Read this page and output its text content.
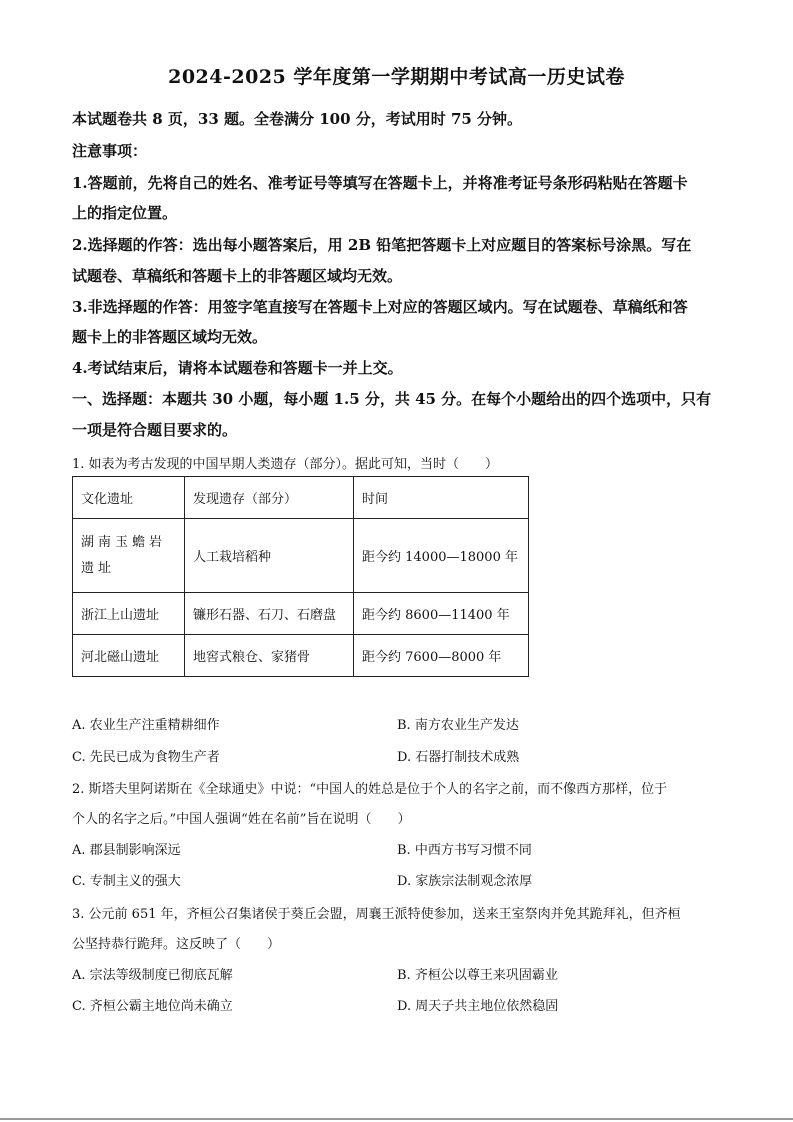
2024-2025 学年度第一学期期中考试高一历史试卷
本试题卷共 8 页，33 题。全卷满分 100 分，考试用时 75 分钟。
注意事项：
1.答题前，先将自己的姓名、准考证号等填写在答题卡上，并将准考证号条形码粘贴在答题卡
上的指定位置。
2.选择题的作答：选出每小题答案后，用 2B 铅笔把答题卡上对应题目的答案标号涂黑。写在
试题卷、草稿纸和答题卡上的非答题区域均无效。
3.非选择题的作答：用签字笔直接写在答题卡上对应的答题区域内。写在试题卷、草稿纸和答
题卡上的非答题区域均无效。
4.考试结束后，请将本试题卷和答题卡一并上交。
一、选择题：本题共 30 小题，每小题 1.5 分，共 45 分。在每个小题给出的四个选项中，只有
一项是符合题目要求的。
1. 如表为考古发现的中国早期人类遗存（部分）。据此可知，当时（　　）
文化遗址	发现遗存（部分）	时间
湖南玉蟾岩遗址	人工栽培稻种	距今约 14000—18000 年
浙江上山遗址	镰形石器、石刀、石磨盘	距今约 8600—11400 年
河北磁山遗址	地窖式粮仓、家猪骨	距今约 7600—8000 年
A. 农业生产注重精耕细作	B. 南方农业生产发达
C. 先民已成为食物生产者	D. 石器打制技术成熟
2. 斯塔夫里阿诺斯在《全球通史》中说：“中国人的姓总是位于个人的名字之前，而不像西方那样，位于
个人的名字之后。”中国人强调“姓在名前”旨在说明（　　）
A. 郡县制影响深远	B. 中西方书写习惯不同
C. 专制主义的强大	D. 家族宗法制观念浓厚
3. 公元前 651 年，齐桓公召集诸侯于葵丘会盟，周襄王派特使参加，送来王室祭肉并免其跪拜礼，但齐桓
公坚持恭行跪拜。这反映了（　　）
A. 宗法等级制度已彻底瓦解	B. 齐桓公以尊王来巩固霸业
C. 齐桓公霸主地位尚未确立	D. 周天子共主地位依然稳固
